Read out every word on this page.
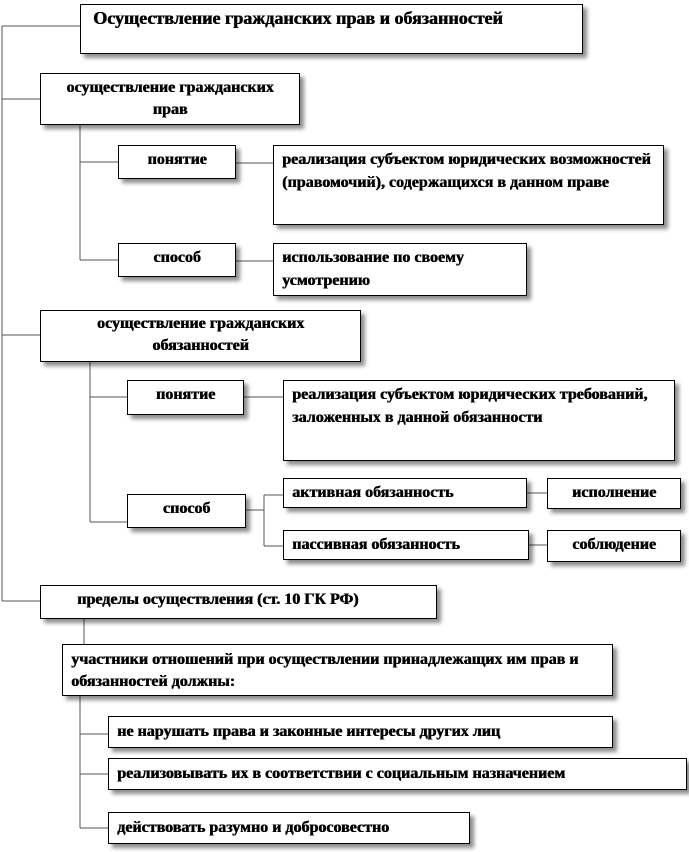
Осуществление гражданских прав и обязанностей
осуществление гражданских прав
понятие	реализация субъектом юридических возможностей (правомочий), содержащихся в данном праве
способ	использование по своему усмотрению
осуществление гражданских обязанностей
понятие	реализация субъектом юридических требований, заложенных в данной обязанности
способ
активная обязанность	исполнение
пассивная обязанность	соблюдение
пределы осуществления (ст. 10 ГК РФ)
участники отношений при осуществлении принадлежащих им прав и обязанностей должны:
не нарушать права и законные интересы других лиц
реализовывать их в соответствии с социальным назначением
действовать разумно и добросовестно
